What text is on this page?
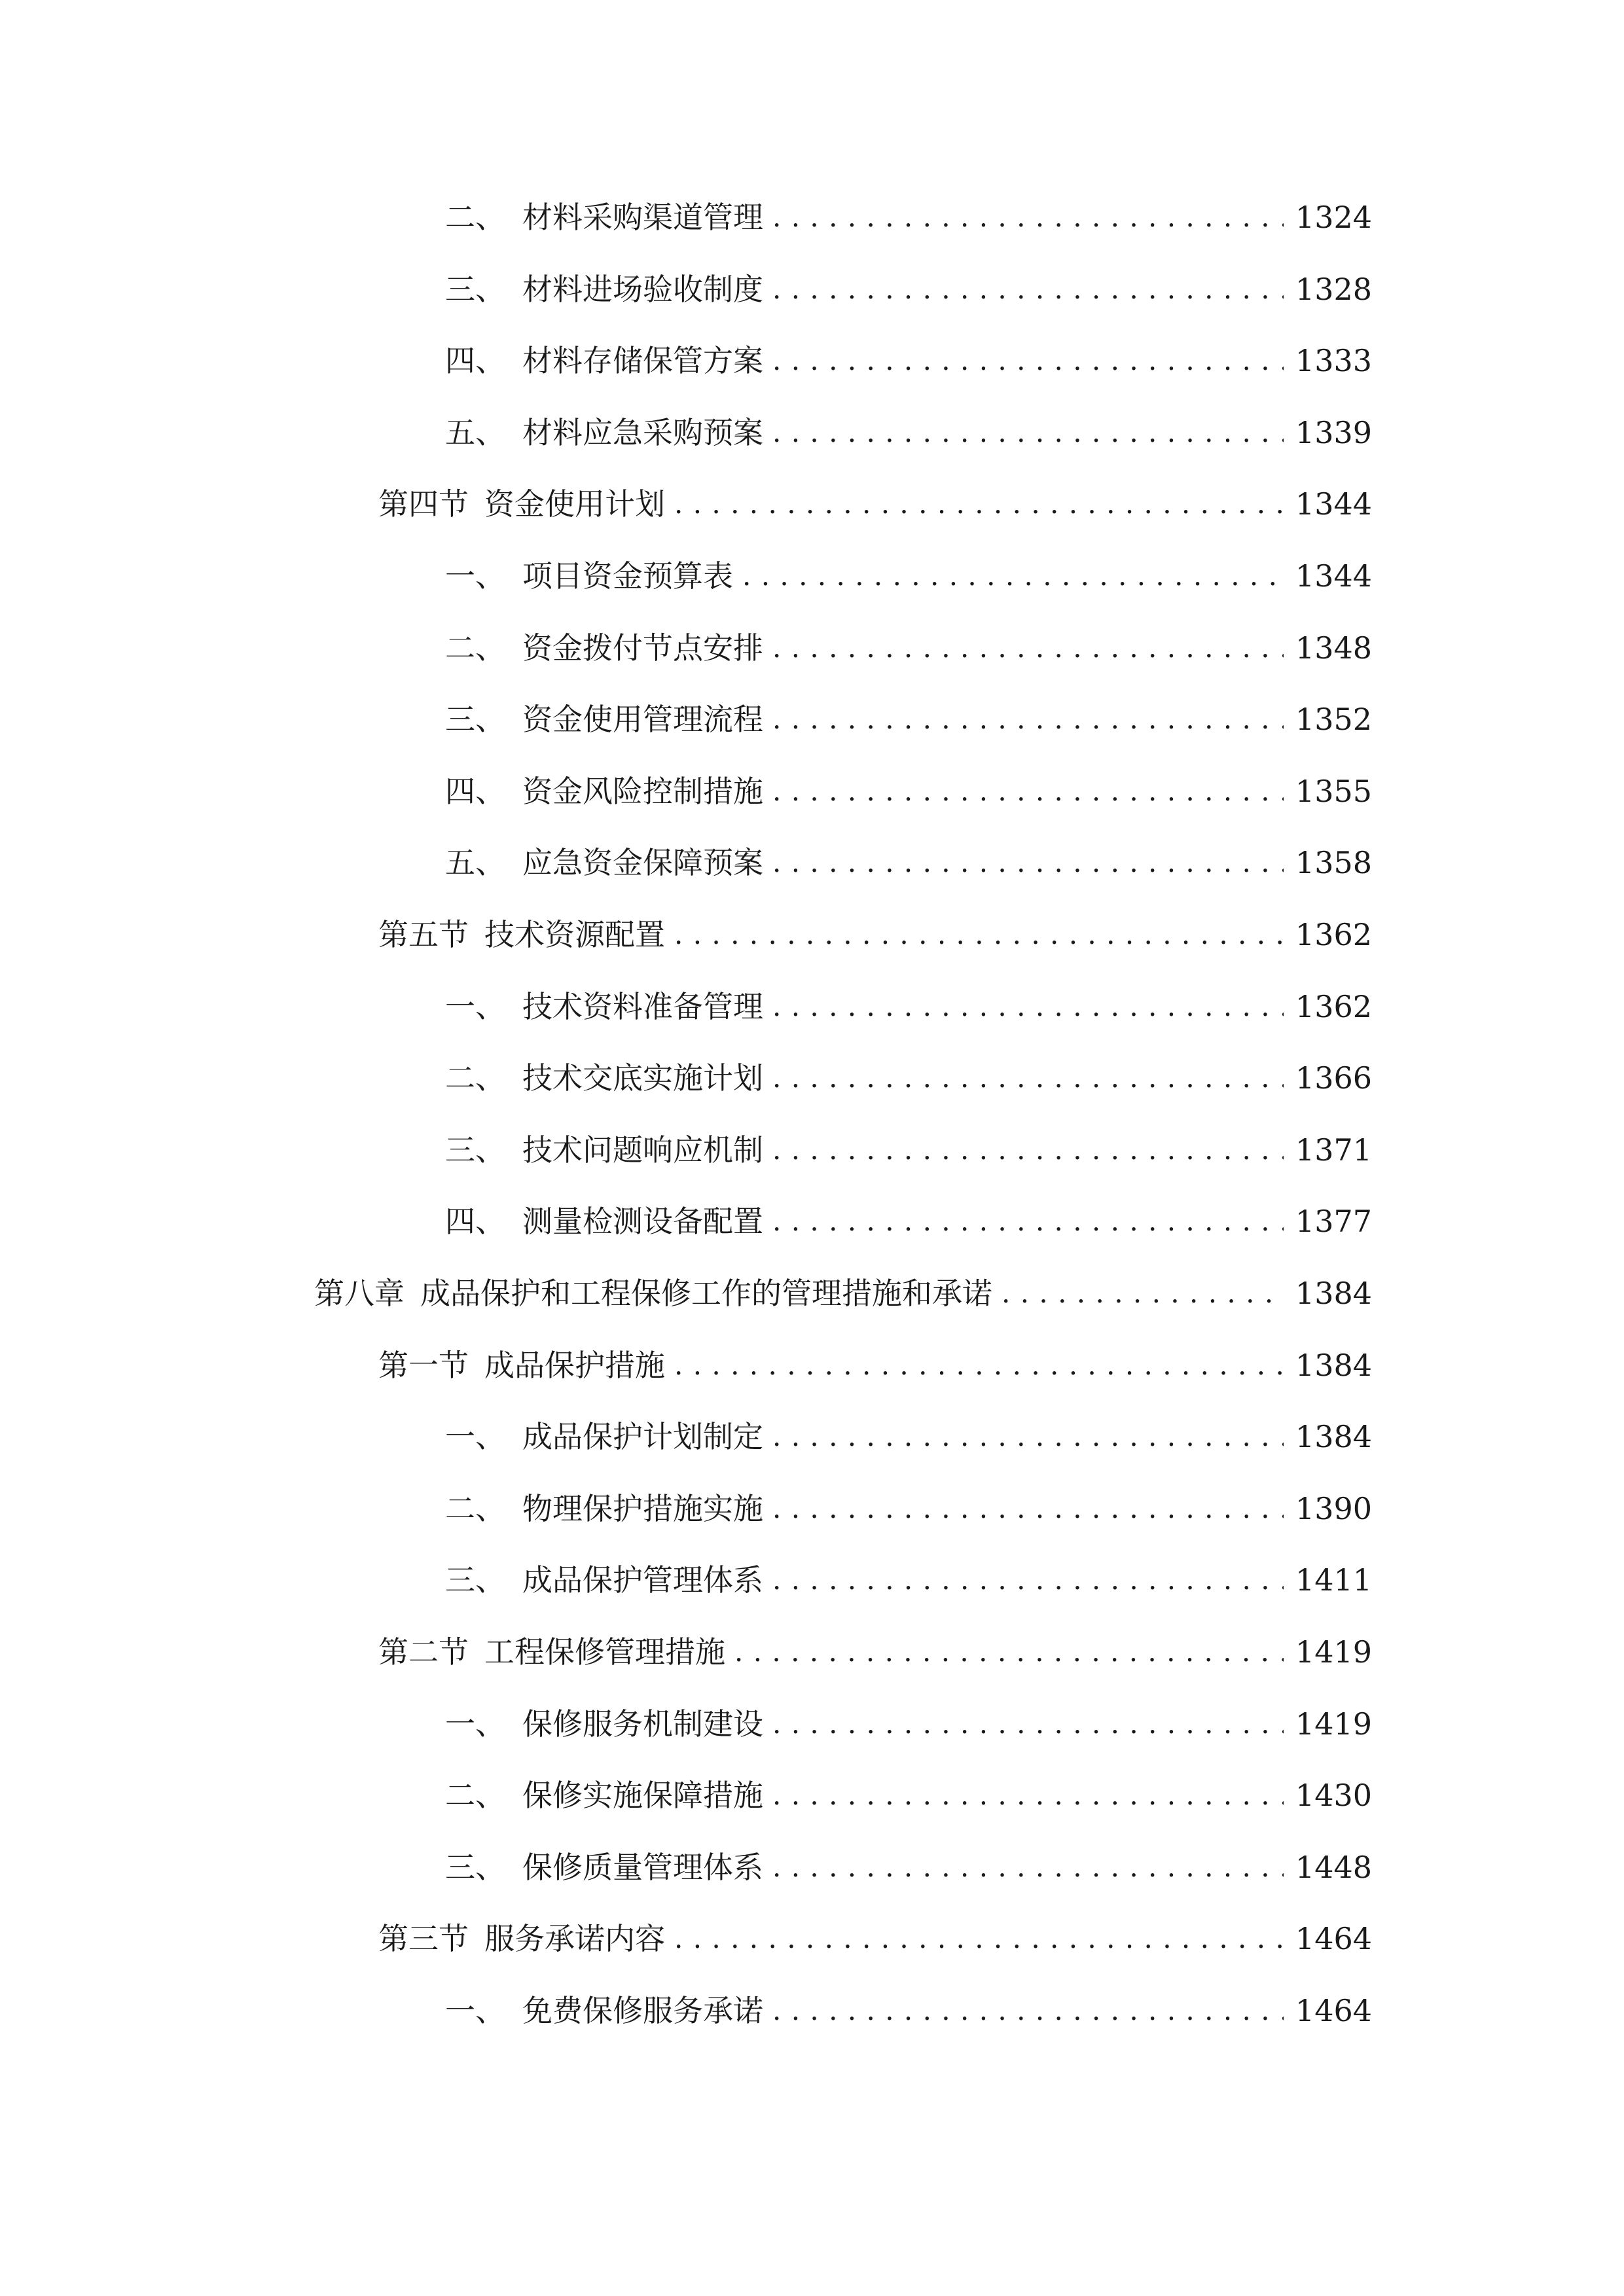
二、 材料采购渠道管理 . . .	1324
三、 材料进场验收制度 . . .	1328
四、 材料存储保管方案 . . .	1333
五、 材料应急采购预案 . . .	1339
第四节 资金使用计划 . . .	1344
一、 项目资金预算表 . . .	1344
二、 资金拨付节点安排 . . .	1348
三、 资金使用管理流程 . . .	1352
四、 资金风险控制措施 . . .	1355
五、 应急资金保障预案 . . .	1358
第五节 技术资源配置 . . .	1362
一、 技术资料准备管理 . . .	1362
二、 技术交底实施计划 . . .	1366
三、 技术问题响应机制 . . .	1371
四、 测量检测设备配置 . . .	1377
第八章 成品保护和工程保修工作的管理措施和承诺 . . .	1384
第一节 成品保护措施 . . .	1384
一、 成品保护计划制定 . . .	1384
二、 物理保护措施实施 . . .	1390
三、 成品保护管理体系 . . .	1411
第二节 工程保修管理措施 . . .	1419
一、 保修服务机制建设 . . .	1419
二、 保修实施保障措施 . . .	1430
三、 保修质量管理体系 . . .	1448
第三节 服务承诺内容 . . .	1464
一、 免费保修服务承诺 . . .	1464
